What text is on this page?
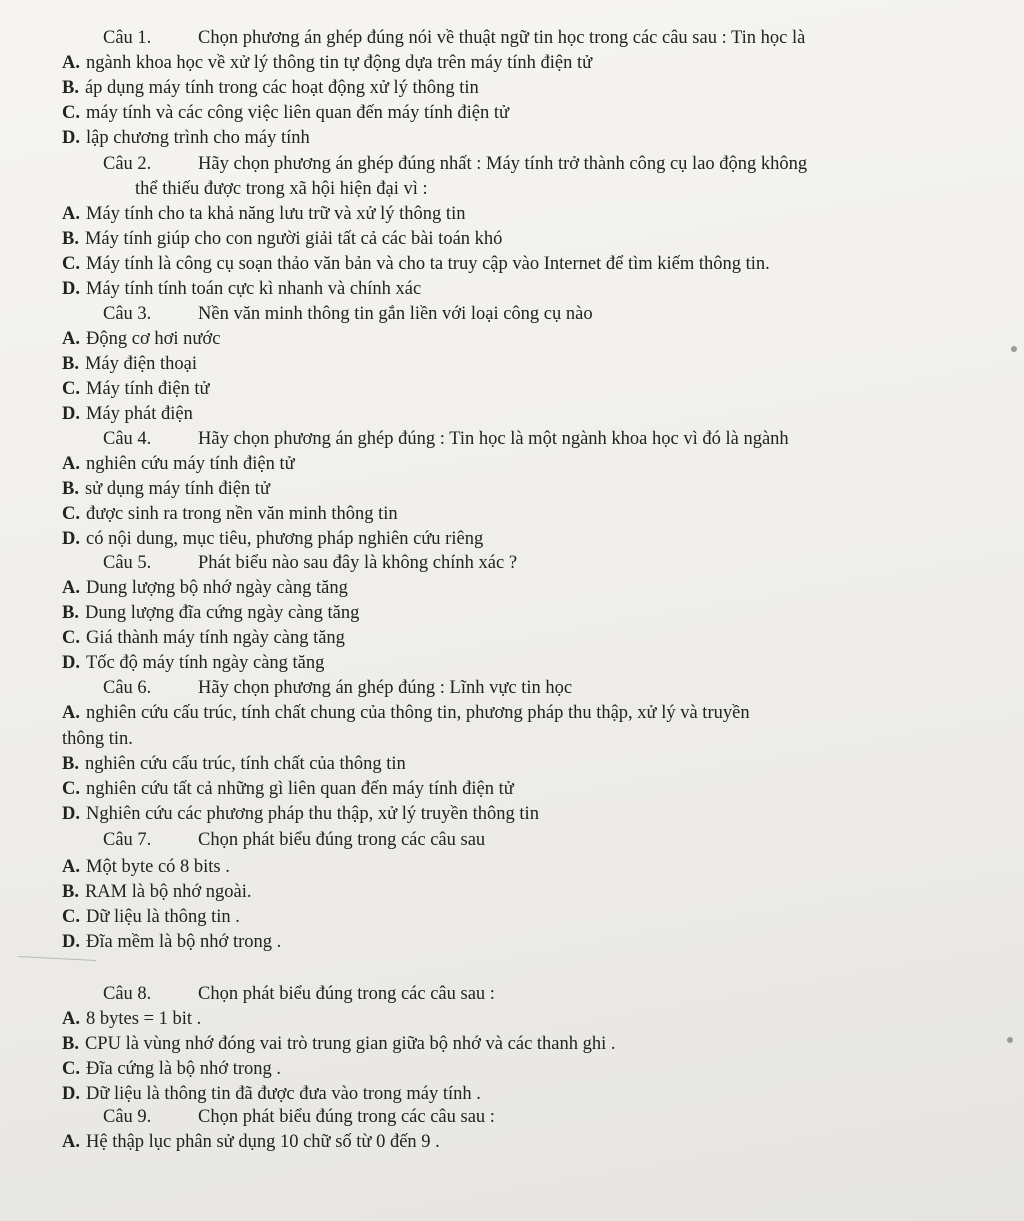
Câu 1.	Chọn phương án ghép đúng nói về thuật ngữ tin học trong các câu sau : Tin học là
A. ngành khoa học về xử lý thông tin tự động dựa trên máy tính điện tử
B. áp dụng máy tính trong các hoạt động xử lý thông tin
C. máy tính và các công việc liên quan đến máy tính điện tử
D. lập chương trình cho máy tính
Câu 2.	Hãy chọn phương án ghép đúng nhất : Máy tính trở thành công cụ lao động không
thể thiếu được trong xã hội hiện đại vì :
A. Máy tính cho ta khả năng lưu trữ và xử lý thông tin
B. Máy tính giúp cho con người giải tất cả các bài toán khó
C. Máy tính là công cụ soạn thảo văn bản và cho ta truy cập vào Internet để tìm kiếm thông tin.
D. Máy tính tính toán cực kì nhanh và chính xác
Câu 3.	Nền văn minh thông tin gắn liền với loại công cụ nào
A. Động cơ hơi nước
B. Máy điện thoại
C. Máy tính điện tử
D. Máy phát điện
Câu 4.	Hãy chọn phương án ghép đúng : Tin học là một ngành khoa học vì đó là ngành
A. nghiên cứu máy tính điện tử
B. sử dụng máy tính điện tử
C. được sinh ra trong nền văn minh thông tin
D. có nội dung, mục tiêu, phương pháp nghiên cứu riêng
Câu 5.	Phát biểu nào sau đây là không chính xác ?
A. Dung lượng bộ nhớ ngày càng tăng
B. Dung lượng đĩa cứng ngày càng tăng
C. Giá thành máy tính ngày càng tăng
D. Tốc độ máy tính ngày càng tăng
Câu 6.	Hãy chọn phương án ghép đúng : Lĩnh vực tin học
A. nghiên cứu cấu trúc, tính chất chung của thông tin, phương pháp thu thập, xử lý và truyền
thông tin.
B. nghiên cứu cấu trúc, tính chất của thông tin
C. nghiên cứu tất cả những gì liên quan đến máy tính điện tử
D. Nghiên cứu các phương pháp thu thập, xử lý truyền thông tin
Câu 7.	Chọn phát biểu đúng trong các câu sau
A. Một byte có 8 bits .
B. RAM là bộ nhớ ngoài.
C. Dữ liệu là thông tin .
D. Đĩa mềm là bộ nhớ trong .
Câu 8.	Chọn phát biểu đúng trong các câu sau :
A. 8 bytes = 1 bit .
B. CPU là vùng nhớ đóng vai trò trung gian giữa bộ nhớ và các thanh ghi .
C. Đĩa cứng là bộ nhớ trong .
D. Dữ liệu là thông tin đã được đưa vào trong máy tính .
Câu 9.	Chọn phát biểu đúng trong các câu sau :
A. Hệ thập lục phân sử dụng 10 chữ số từ 0 đến 9 .
